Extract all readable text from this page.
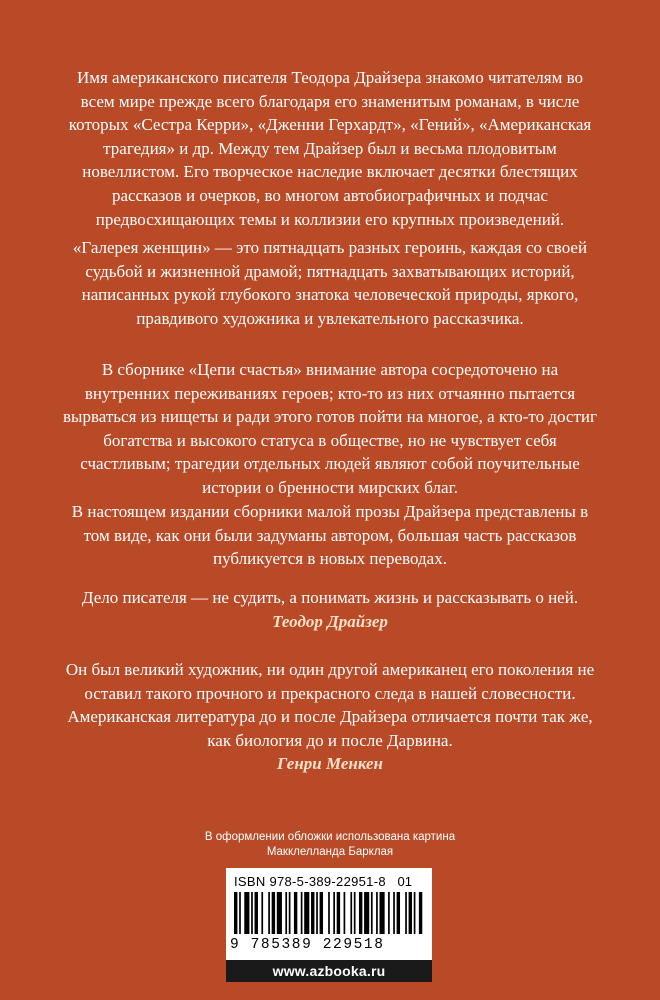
Имя американского писателя Теодора Драйзера знакомо читателям во всем мире прежде всего благодаря его знаменитым романам, в числе которых «Сестра Керри», «Дженни Герхардт», «Гений», «Американская трагедия» и др. Между тем Драйзер был и весьма плодовитым новеллистом. Его творческое наследие включает десятки блестящих рассказов и очерков, во многом автобиографичных и подчас предвосхищающих темы и коллизии его крупных произведений.

«Галерея женщин» — это пятнадцать разных героинь, каждая со своей судьбой и жизненной драмой; пятнадцать захватывающих историй, написанных рукой глубокого знатока человеческой природы, яркого, правдивого художника и увлекательного рассказчика.

В сборнике «Цепи счастья» внимание автора сосредоточено на внутренних переживаниях героев; кто-то из них отчаянно пытается вырваться из нищеты и ради этого готов пойти на многое, а кто-то достиг богатства и высокого статуса в обществе, но не чувствует себя счастливым; трагедии отдельных людей являют собой поучительные истории о бренности мирских благ.

В настоящем издании сборники малой прозы Драйзера представлены в том виде, как они были задуманы автором, большая часть рассказов публикуется в новых переводах.

Дело писателя — не судить, а понимать жизнь и рассказывать о ней.

Теодор Драйзер

Он был великий художник, ни один другой американец его поколения не оставил такого прочного и прекрасного следа в нашей словесности. Американская литература до и после Драйзера отличается почти так же, как биология до и после Дарвина.

Генри Менкен

В оформлении обложки использована картина

Макклелланда Барклая

ISBN 978-5-389-22951-8 01
9 785389 229518
www.azbooka.ru
